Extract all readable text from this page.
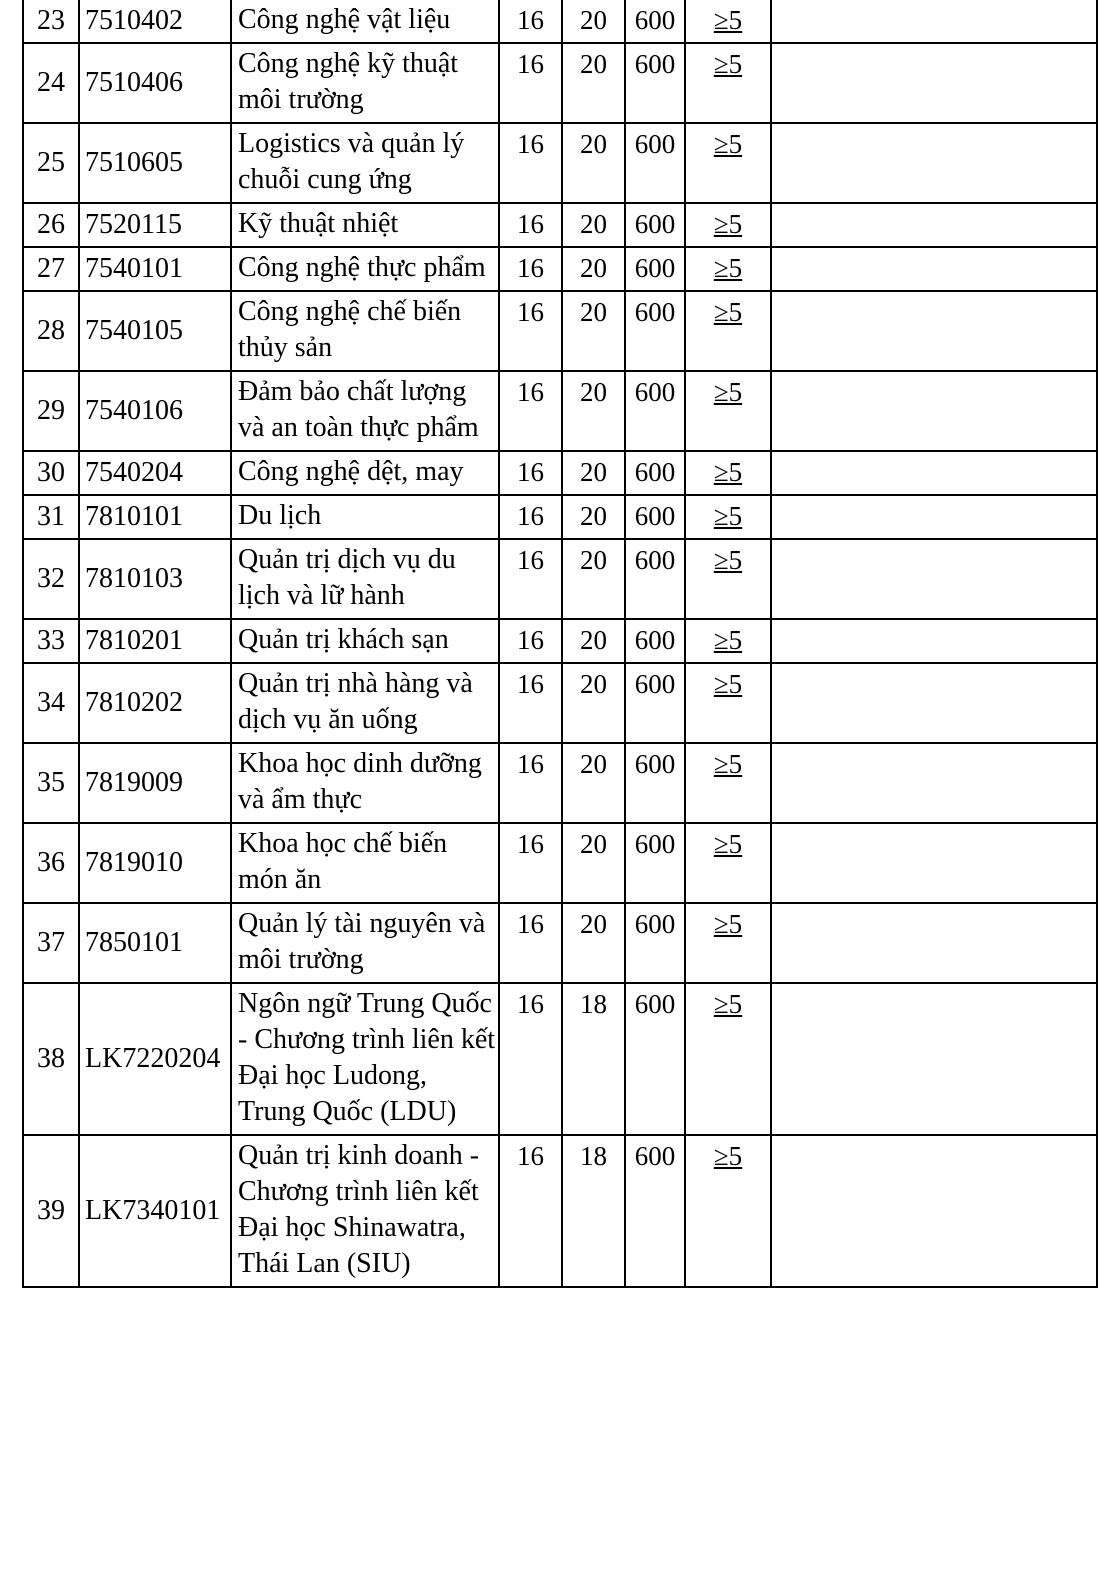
23	7510402	Công nghệ vật liệu	16	20	600	≥5	

24	7510406	Công nghệ kỹ thuật môi trường	16	20	600	≥5	

25	7510605	Logistics và quản lý chuỗi cung ứng	16	20	600	≥5	

26	7520115	Kỹ thuật nhiệt	16	20	600	≥5	

27	7540101	Công nghệ thực phẩm	16	20	600	≥5	

28	7540105	Công nghệ chế biến thủy sản	16	20	600	≥5	

29	7540106	Đảm bảo chất lượng và an toàn thực phẩm	16	20	600	≥5	

30	7540204	Công nghệ dệt, may	16	20	600	≥5	

31	7810101	Du lịch	16	20	600	≥5	

32	7810103	Quản trị dịch vụ du lịch và lữ hành	16	20	600	≥5	

33	7810201	Quản trị khách sạn	16	20	600	≥5	

34	7810202	Quản trị nhà hàng và dịch vụ ăn uống	16	20	600	≥5	

35	7819009	Khoa học dinh dưỡng và ẩm thực	16	20	600	≥5	

36	7819010	Khoa học chế biến món ăn	16	20	600	≥5	

37	7850101	Quản lý tài nguyên và môi trường	16	20	600	≥5	

38	LK7220204	Ngôn ngữ Trung Quốc - Chương trình liên kết Đại học Ludong, Trung Quốc (LDU)	16	18	600	≥5	

39	LK7340101	Quản trị kinh doanh - Chương trình liên kết Đại học Shinawatra, Thái Lan (SIU)	16	18	600	≥5	
